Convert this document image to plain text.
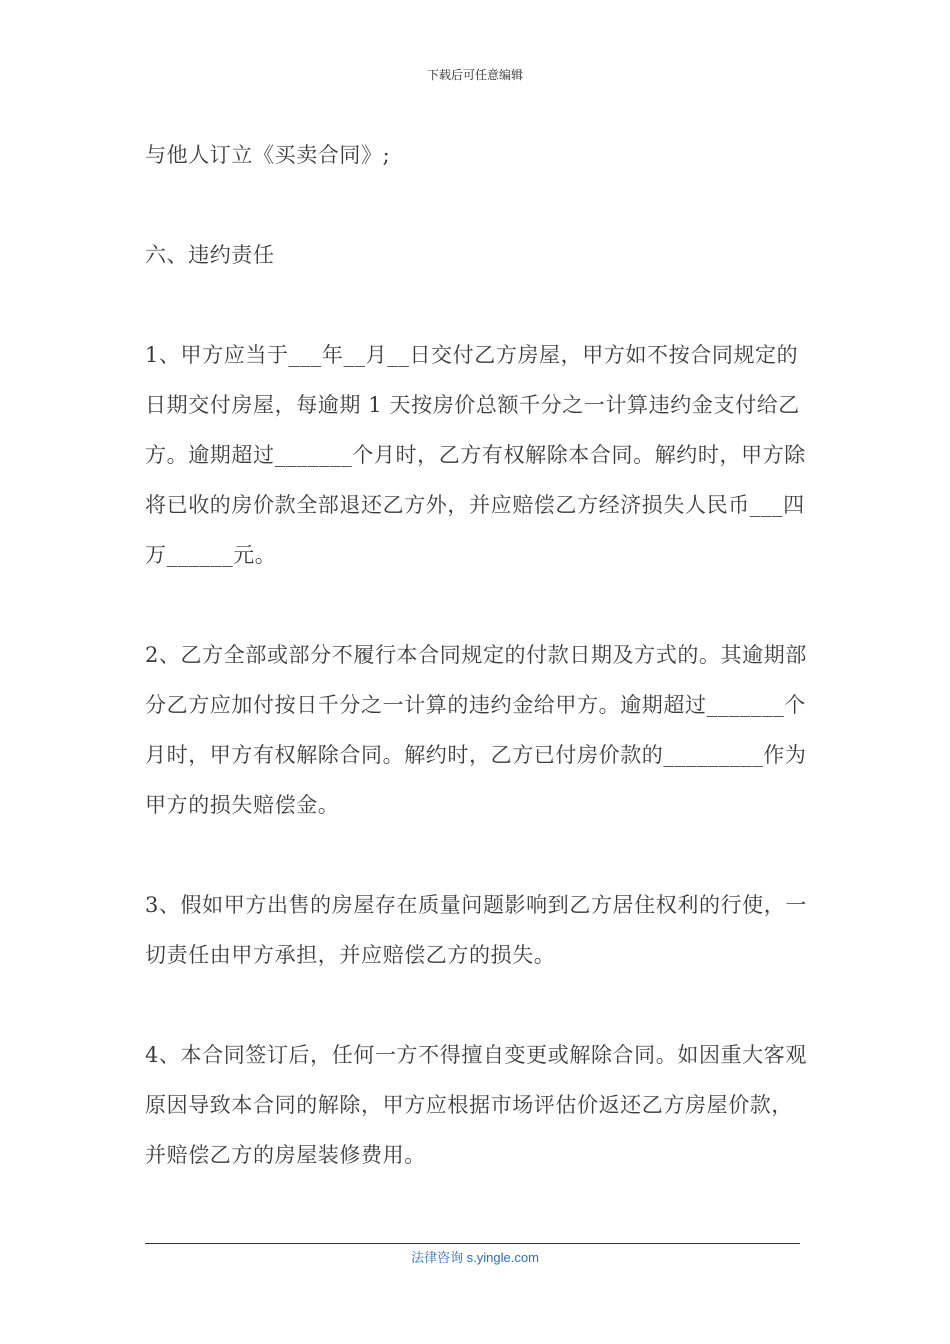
下载后可任意编辑

与他人订立《买卖合同》;

六、违约责任

1、甲方应当于___年__月__日交付乙方房屋，甲方如不按合同规定的日期交付房屋，每逾期 1 天按房价总额千分之一计算违约金支付给乙方。逾期超过_______个月时，乙方有权解除本合同。解约时，甲方除将已收的房价款全部退还乙方外，并应赔偿乙方经济损失人民币___四万______元。

2、乙方全部或部分不履行本合同规定的付款日期及方式的。其逾期部分乙方应加付按日千分之一计算的违约金给甲方。逾期超过_______个月时，甲方有权解除合同。解约时，乙方已付房价款的_________作为甲方的损失赔偿金。

3、假如甲方出售的房屋存在质量问题影响到乙方居住权利的行使，一切责任由甲方承担，并应赔偿乙方的损失。

4、本合同签订后，任何一方不得擅自变更或解除合同。如因重大客观原因导致本合同的解除，甲方应根据市场评估价返还乙方房屋价款，并赔偿乙方的房屋装修费用。

法律咨询 s.yingle.com
